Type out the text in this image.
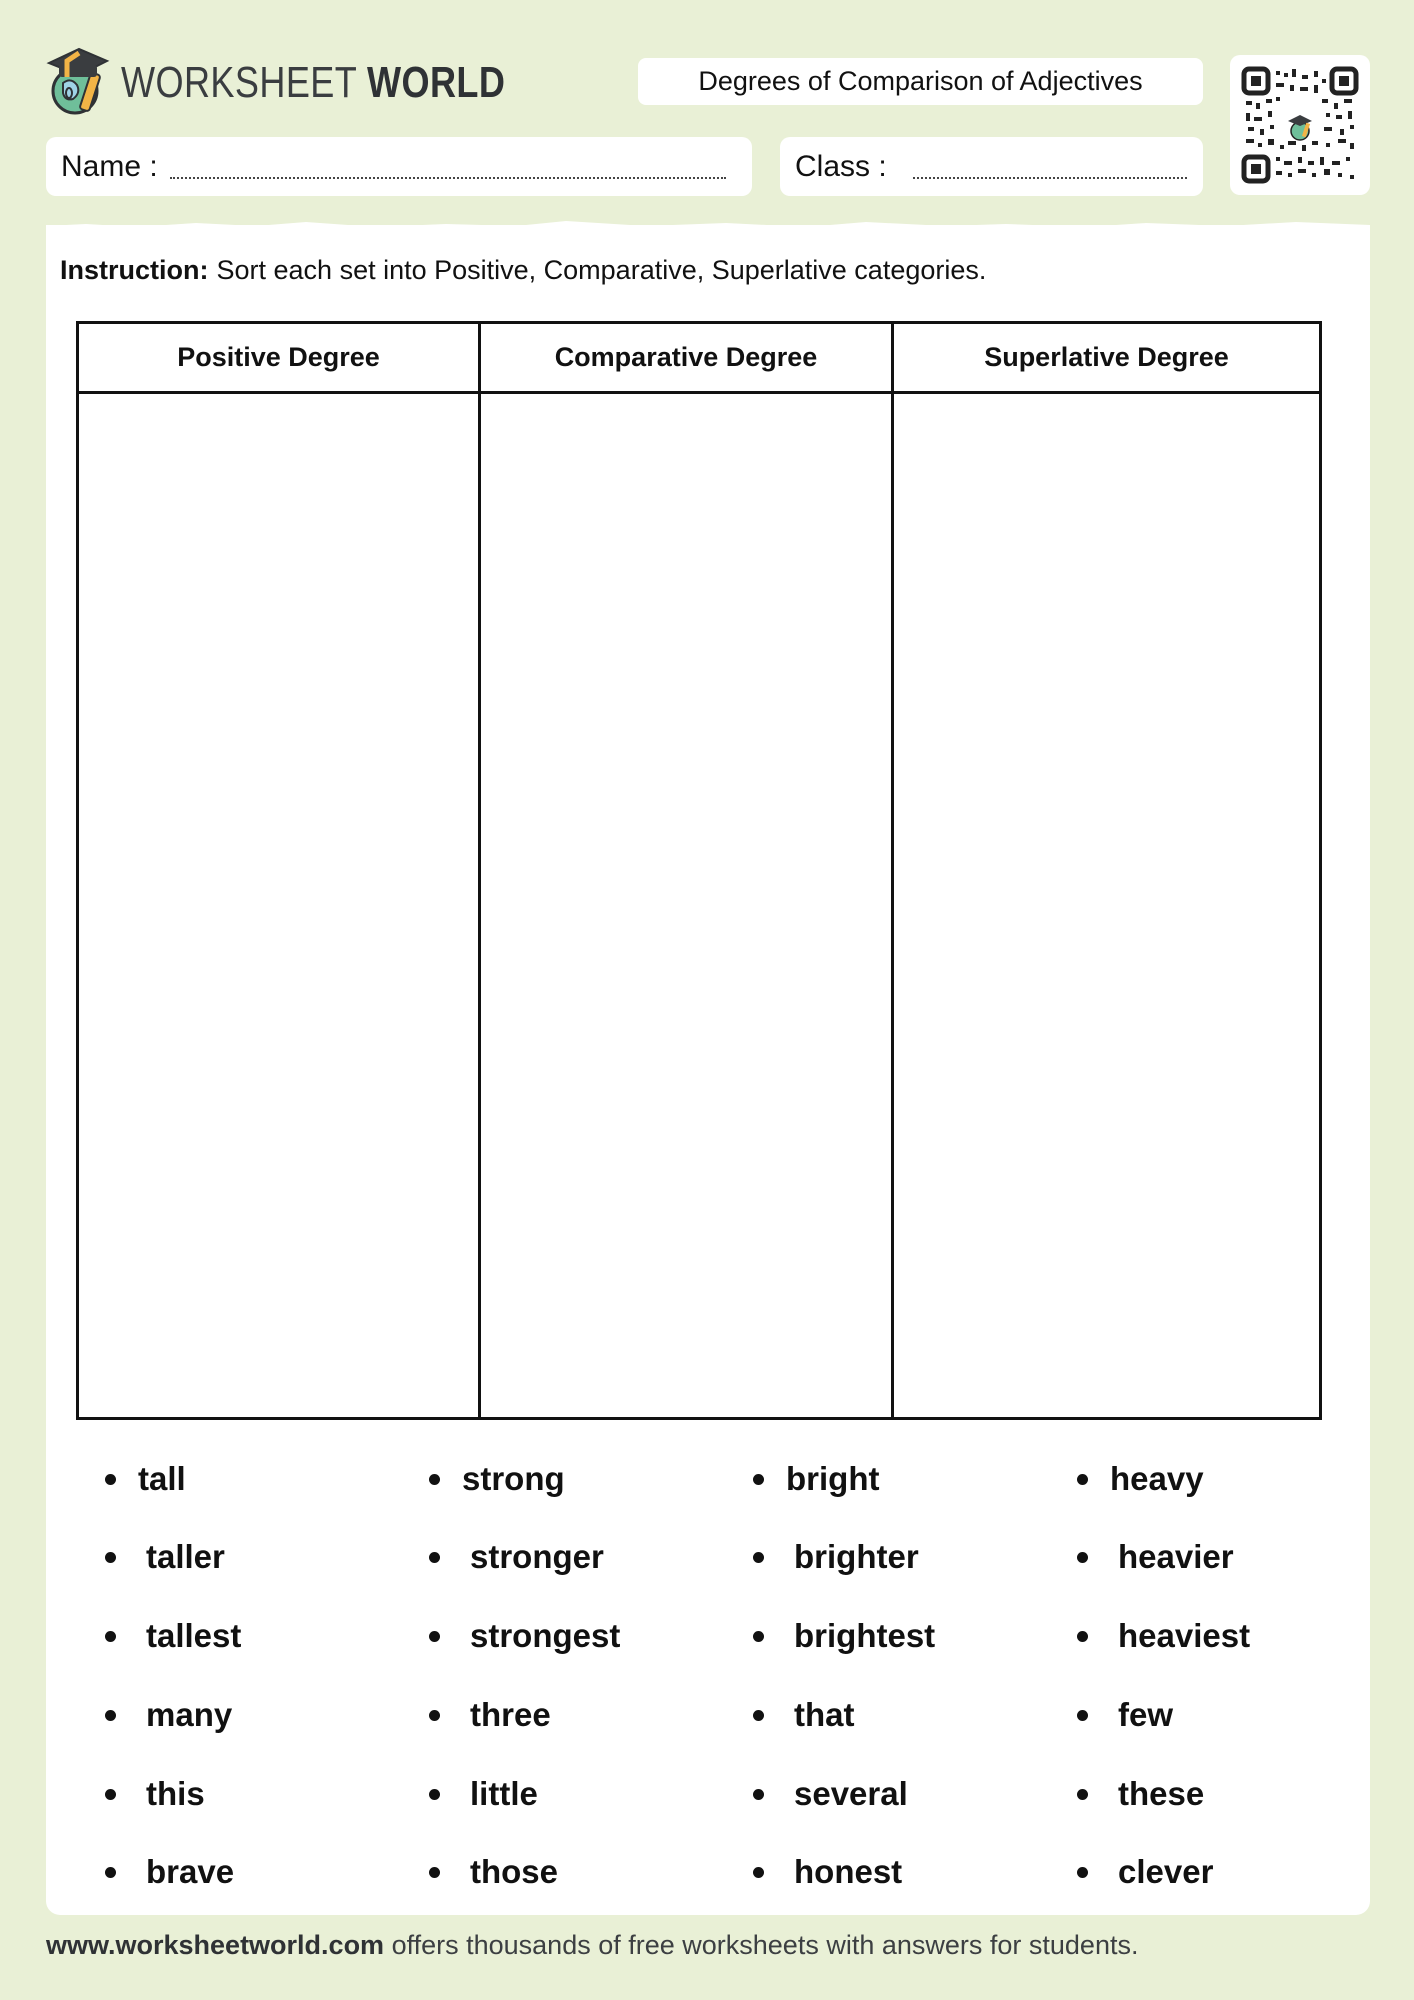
WORKSHEET WORLD	Degrees of Comparison of Adjectives
Name :	Class :
Instruction: Sort each set into Positive, Comparative, Superlative categories.
Positive Degree	Comparative Degree	Superlative Degree
tall
taller
tallest
many
this
brave
strong
stronger
strongest
three
little
those
bright
brighter
brightest
that
several
honest
heavy
heavier
heaviest
few
these
clever
www.worksheetworld.com offers thousands of free worksheets with answers for students.
